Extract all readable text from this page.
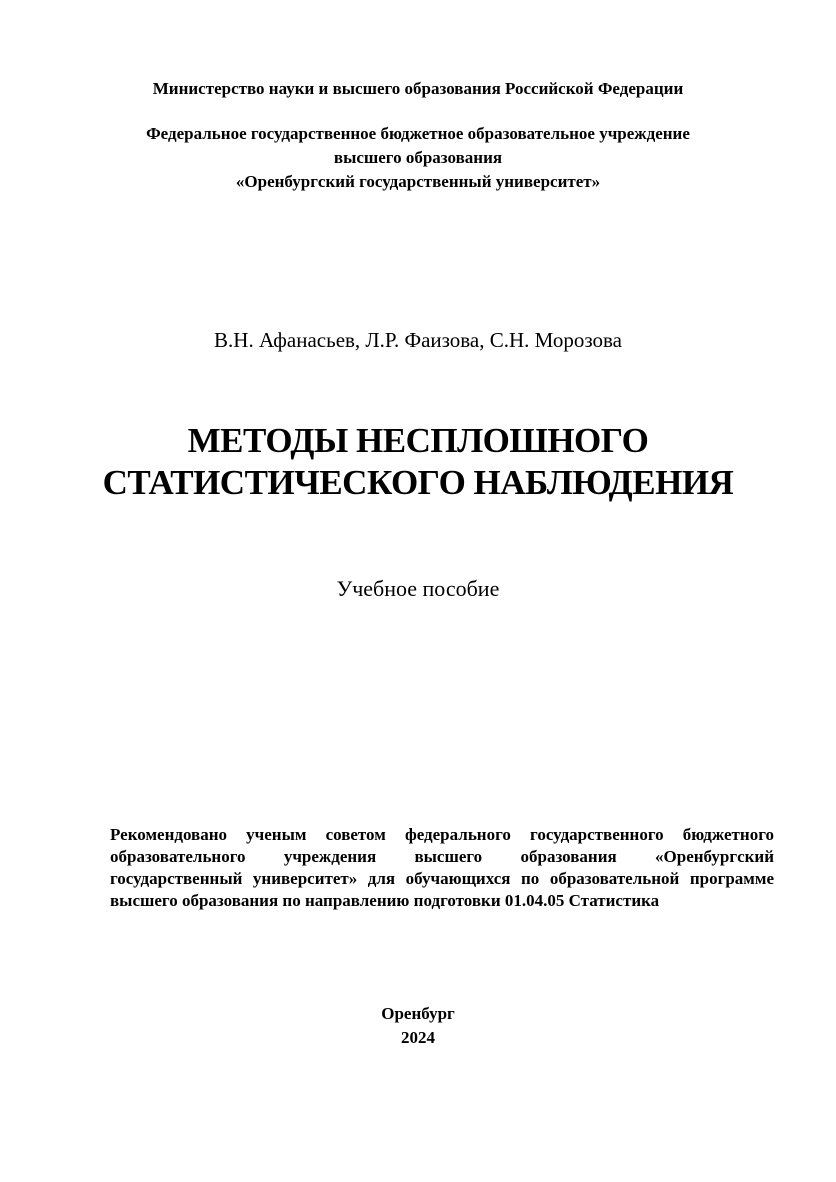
Министерство науки и высшего образования Российской Федерации
Федеральное государственное бюджетное образовательное учреждение
высшего образования
«Оренбургский государственный университет»
В.Н. Афанасьев, Л.Р. Фаизова, С.Н. Морозова
МЕТОДЫ НЕСПЛОШНОГО
СТАТИСТИЧЕСКОГО НАБЛЮДЕНИЯ
Учебное пособие
Рекомендовано ученым советом федерального государственного бюджетного образовательного учреждения высшего образования «Оренбургский государственный университет» для обучающихся по образовательной программе высшего образования по направлению подготовки 01.04.05 Статистика
Оренбург
2024
